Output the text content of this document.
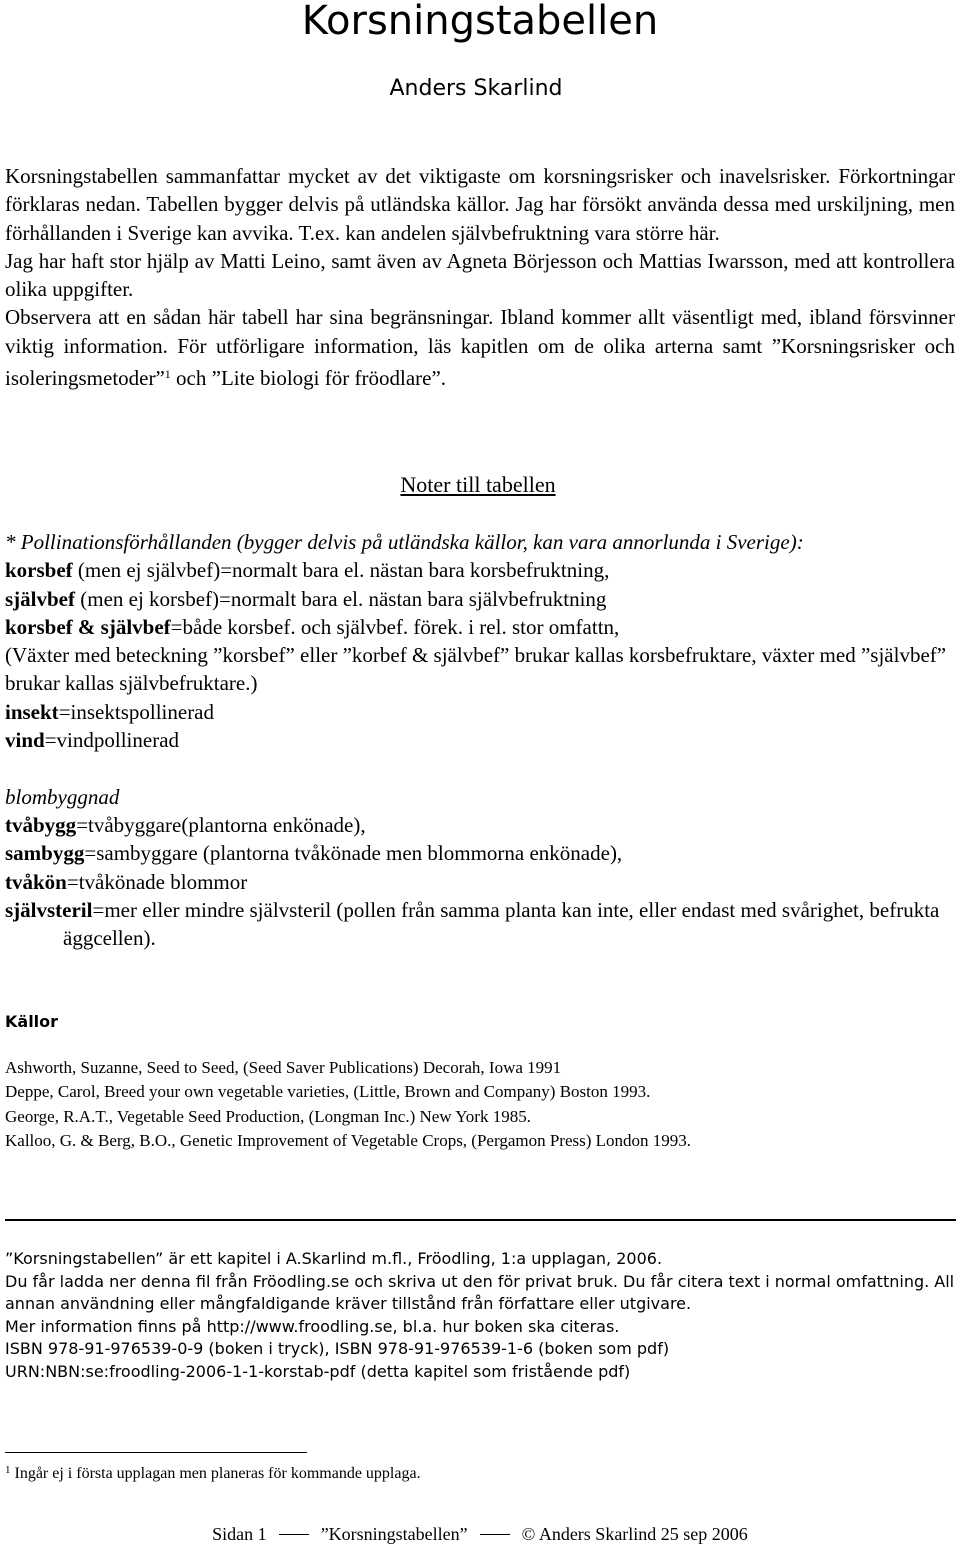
Korsningstabellen
Anders Skarlind

Korsningstabellen sammanfattar mycket av det viktigaste om korsningsrisker och inavelsrisker. Förkortningar förklaras nedan. Tabellen bygger delvis på utländska källor. Jag har försökt använda dessa med urskiljning, men förhållanden i Sverige kan avvika. T.ex. kan andelen självbefruktning vara större här.

Jag har haft stor hjälp av Matti Leino, samt även av Agneta Börjesson och Mattias Iwarsson, med att kontrollera olika uppgifter.

Observera att en sådan här tabell har sina begränsningar. Ibland kommer allt väsentligt med, ibland försvinner viktig information. För utförligare information, läs kapitlen om de olika arterna samt ”Korsningsrisker och isoleringsmetoder”$^1$ och ”Lite biologi för fröodlare”.

Noter till tabellen
* Pollinationsförhållanden (bygger delvis på utländska källor, kan vara annorlunda i Sverige):
korsbef (men ej självbef)=normalt bara el. nästan bara korsbefruktning,
självbef (men ej korsbef)=normalt bara el. nästan bara självbefruktning
korsbef & självbef=både korsbef. och självbef. förek. i rel. stor omfattn,
(Växter med beteckning ”korsbef” eller ”korbef & självbef” brukar kallas korsbefruktare, växter med ”självbef” brukar kallas självbefruktare.)
insekt=insektspollinerad
vind=vindpollinerad
blombyggnad
tvåbygg=tvåbyggare(plantorna enkönade),
sambygg=sambyggare (plantorna tvåkönade men blommorna enkönade),
tvåkön=tvåkönade blommor
självsteril=mer eller mindre självsteril (pollen från samma planta kan inte, eller endast med svårighet, befrukta äggcellen).
Källor
Ashworth, Suzanne, Seed to Seed, (Seed Saver Publications) Decorah, Iowa 1991
Deppe, Carol, Breed your own vegetable varieties, (Little, Brown and Company) Boston 1993.
George, R.A.T., Vegetable Seed Production, (Longman Inc.) New York 1985.
Kalloo, G. & Berg, B.O., Genetic Improvement of Vegetable Crops, (Pergamon Press) London 1993.
”Korsningstabellen” är ett kapitel i A.Skarlind m.fl., Fröodling, 1:a upplagan, 2006.
Du får ladda ner denna fil från Fröodling.se och skriva ut den för privat bruk. Du får citera text i normal omfattning. All annan användning eller mångfaldigande kräver tillstånd från författare eller utgivare.
Mer information finns på http://www.froodling.se, bl.a. hur boken ska citeras.
ISBN 978-91-976539-0-9 (boken i tryck), ISBN 978-91-976539-1-6 (boken som pdf)
URN:NBN:se:froodling-2006-1-1-korstab-pdf (detta kapitel som fristående pdf)
$^1$ Ingår ej i första upplagan men planeras för kommande upplaga.
Sidan 1	”Korsningstabellen”	© Anders Skarlind 25 sep 2006
